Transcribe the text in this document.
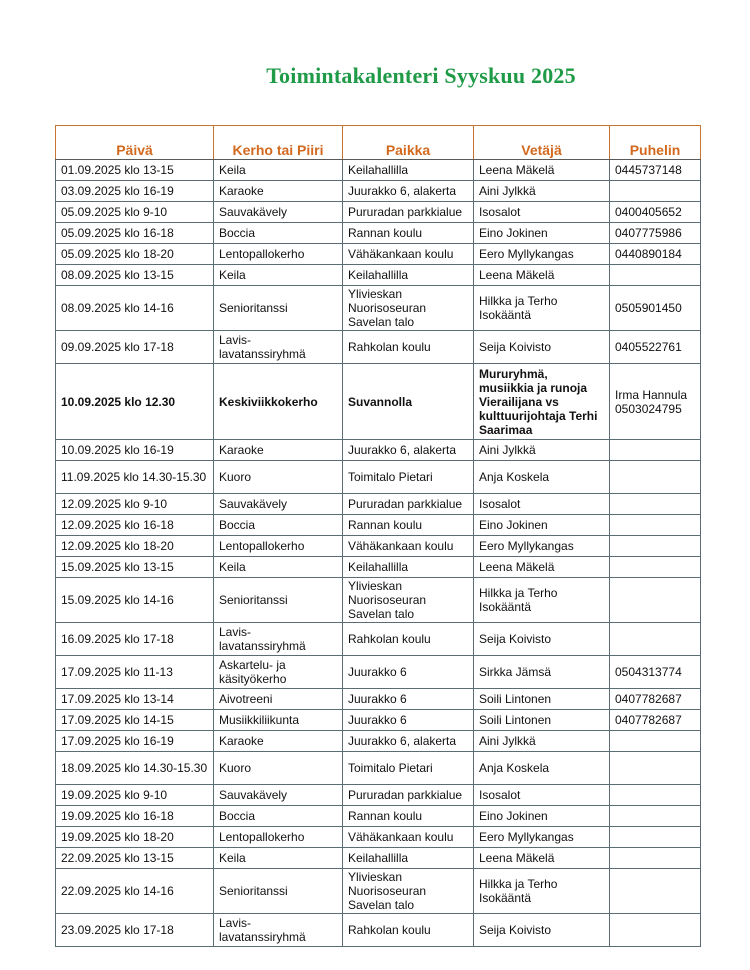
Toimintakalenteri Syyskuu 2025
Päivä	Kerho tai Piiri	Paikka	Vetäjä	Puhelin
01.09.2025 klo 13-15	Keila	Keilahallilla	Leena Mäkelä	0445737148
03.09.2025 klo 16-19	Karaoke	Juurakko 6, alakerta	Aini Jylkkä	
05.09.2025 klo 9-10	Sauvakävely	Pururadan parkkialue	Isosalot	0400405652
05.09.2025 klo 16-18	Boccia	Rannan koulu	Eino Jokinen	0407775986
05.09.2025 klo 18-20	Lentopallokerho	Vähäkankaan koulu	Eero Myllykangas	0440890184
08.09.2025 klo 13-15	Keila	Keilahallilla	Leena Mäkelä	
08.09.2025 klo 14-16	Senioritanssi	Ylivieskan Nuorisoseuran Savelan talo	Hilkka ja Terho Isokääntä	0505901450
09.09.2025 klo 17-18	Lavis-lavatanssiryhmä	Rahkolan koulu	Seija Koivisto	0405522761
10.09.2025 klo 12.30	Keskiviikkokerho	Suvannolla	Mururyhmä, musiikkia ja runoja Vierailijana vs kulttuurijohtaja Terhi Saarimaa	Irma Hannula 0503024795
10.09.2025 klo 16-19	Karaoke	Juurakko 6, alakerta	Aini Jylkkä	
11.09.2025 klo 14.30-15.30	Kuoro	Toimitalo Pietari	Anja Koskela	
12.09.2025 klo 9-10	Sauvakävely	Pururadan parkkialue	Isosalot	
12.09.2025 klo 16-18	Boccia	Rannan koulu	Eino Jokinen	
12.09.2025 klo 18-20	Lentopallokerho	Vähäkankaan koulu	Eero Myllykangas	
15.09.2025 klo 13-15	Keila	Keilahallilla	Leena Mäkelä	
15.09.2025 klo 14-16	Senioritanssi	Ylivieskan Nuorisoseuran Savelan talo	Hilkka ja Terho Isokääntä	
16.09.2025 klo 17-18	Lavis-lavatanssiryhmä	Rahkolan koulu	Seija Koivisto	
17.09.2025 klo 11-13	Askartelu- ja käsityökerho	Juurakko 6	Sirkka Jämsä	0504313774
17.09.2025 klo 13-14	Aivotreeni	Juurakko 6	Soili Lintonen	0407782687
17.09.2025 klo 14-15	Musiikkiliikunta	Juurakko 6	Soili Lintonen	0407782687
17.09.2025 klo 16-19	Karaoke	Juurakko 6, alakerta	Aini Jylkkä	
18.09.2025 klo 14.30-15.30	Kuoro	Toimitalo Pietari	Anja Koskela	
19.09.2025 klo 9-10	Sauvakävely	Pururadan parkkialue	Isosalot	
19.09.2025 klo 16-18	Boccia	Rannan koulu	Eino Jokinen	
19.09.2025 klo 18-20	Lentopallokerho	Vähäkankaan koulu	Eero Myllykangas	
22.09.2025 klo 13-15	Keila	Keilahallilla	Leena Mäkelä	
22.09.2025 klo 14-16	Senioritanssi	Ylivieskan Nuorisoseuran Savelan talo	Hilkka ja Terho Isokääntä	
23.09.2025 klo 17-18	Lavis-lavatanssiryhmä	Rahkolan koulu	Seija Koivisto	
